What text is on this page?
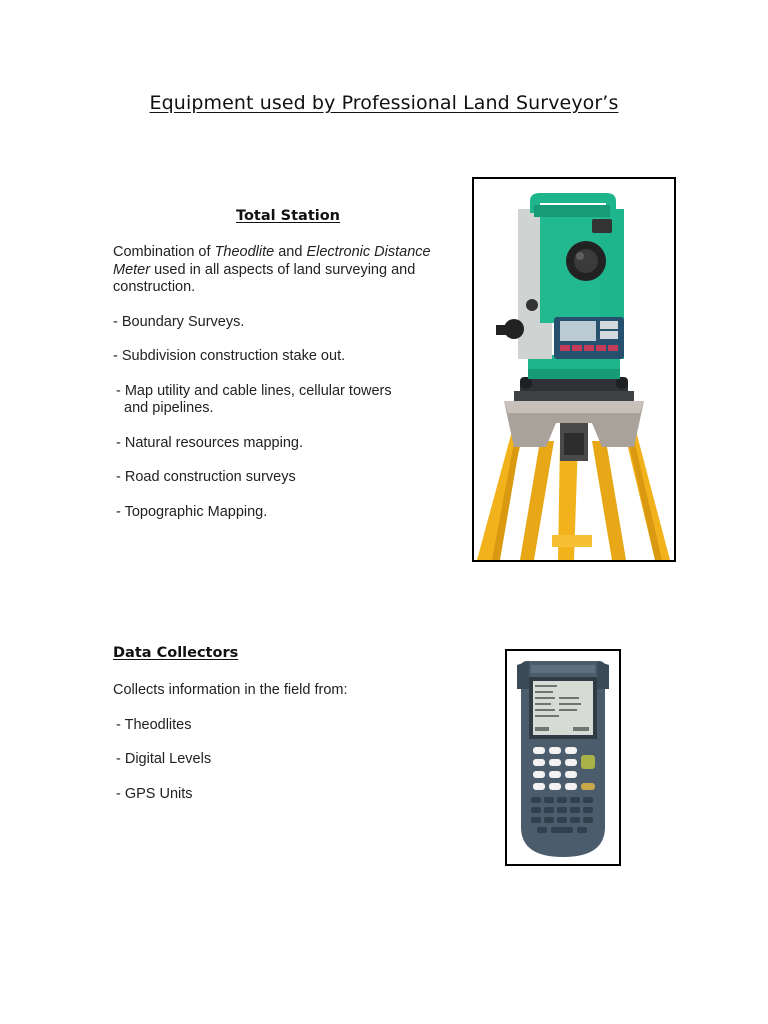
Equipment used by Professional Land Surveyor’s
Total Station
Combination of Theodlite and Electronic Distance
Meter used in all aspects of land surveying and
construction.
- Boundary Surveys.
- Subdivision construction stake out.
- Map utility and cable lines, cellular towers
and pipelines.
- Natural resources mapping.
- Road construction surveys
- Topographic Mapping.
Data Collectors
Collects information in the field from:
- Theodlites
- Digital Levels
- GPS Units
